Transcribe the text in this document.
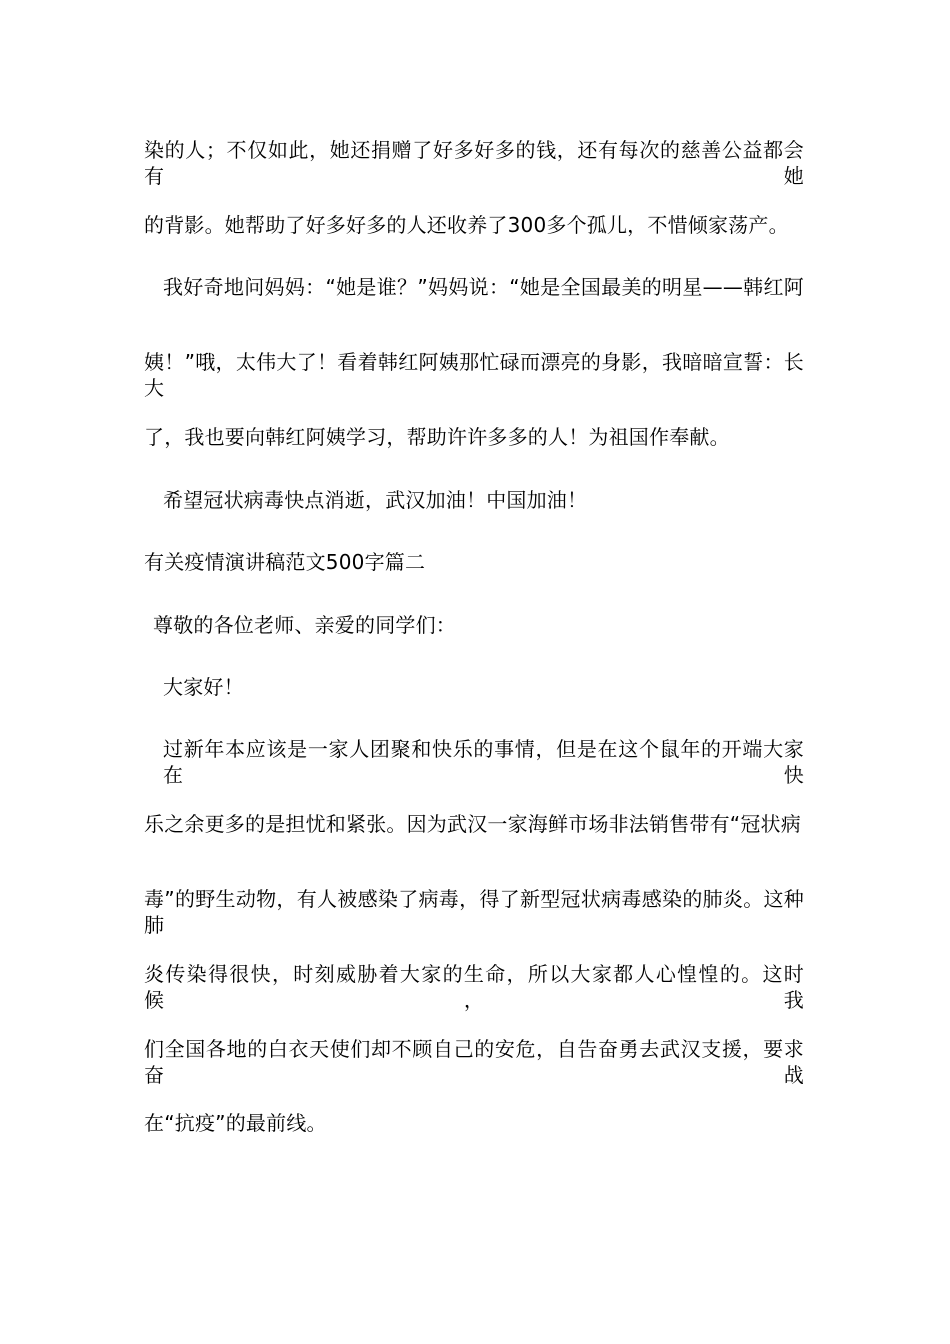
染的人；不仅如此，她还捐赠了好多好多的钱，还有每次的慈善公益都会有她
的背影。她帮助了好多好多的人还收养了300多个孤儿，不惜倾家荡产。
我好奇地问妈妈：“她是谁？”妈妈说：“她是全国最美的明星——韩红阿
姨！”哦，太伟大了！看着韩红阿姨那忙碌而漂亮的身影，我暗暗宣誓：长大
了，我也要向韩红阿姨学习，帮助许许多多的人！为祖国作奉献。
希望冠状病毒快点消逝，武汉加油！中国加油！
有关疫情演讲稿范文500字篇二
尊敬的各位老师、亲爱的同学们：
大家好！
过新年本应该是一家人团聚和快乐的事情，但是在这个鼠年的开端大家在快
乐之余更多的是担忧和紧张。因为武汉一家海鲜市场非法销售带有“冠状病
毒”的野生动物，有人被感染了病毒，得了新型冠状病毒感染的肺炎。这种肺
炎传染得很快，时刻威胁着大家的生命，所以大家都人心惶惶的。这时候，我
们全国各地的白衣天使们却不顾自己的安危，自告奋勇去武汉支援，要求奋战
在“抗疫”的最前线。
